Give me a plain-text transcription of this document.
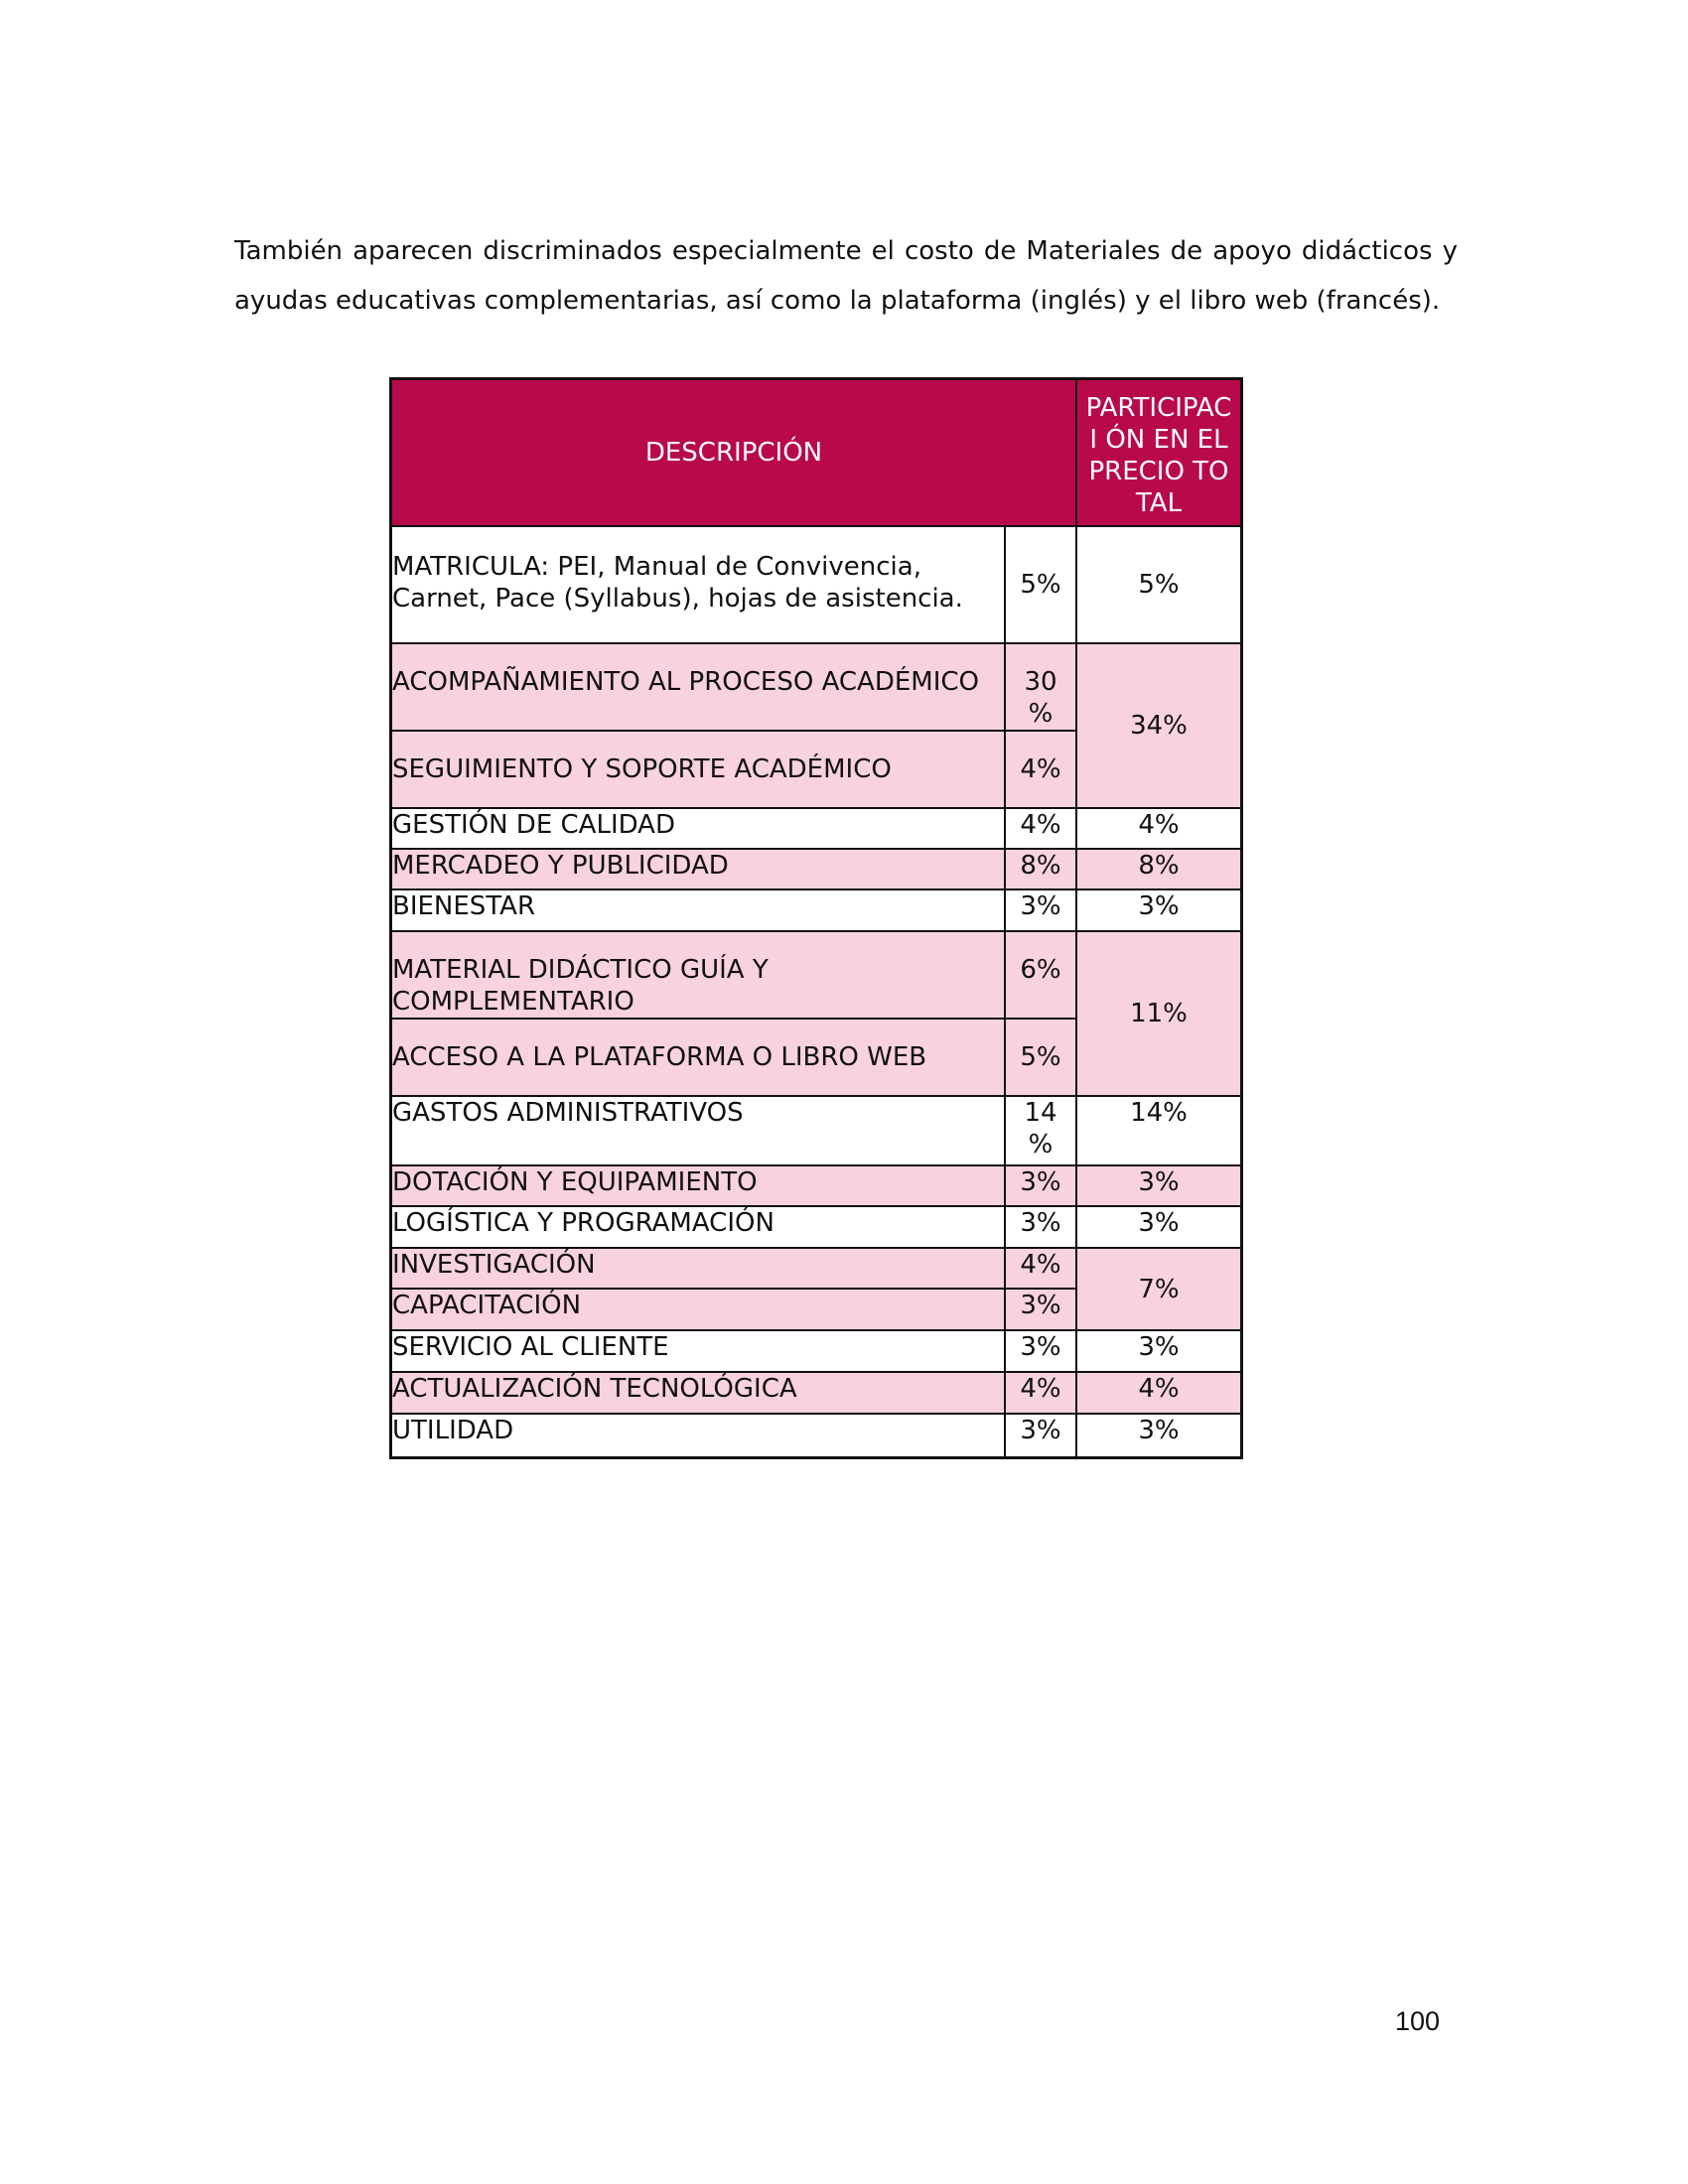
También aparecen discriminados especialmente el costo de Materiales de apoyo didácticos y
ayudas educativas complementarias, así como la plataforma (inglés) y el libro web (francés).

DESCRIPCIÓN		PARTICIPACI ÓN EN EL PRECIO TOTAL

MATRICULA: PEI, Manual de Convivencia, Carnet, Pace (Syllabus), hojas de asistencia.	5%	5%
ACOMPAÑAMIENTO AL PROCESO ACADÉMICO	30 %	34%
SEGUIMIENTO Y SOPORTE ACADÉMICO	4%	
GESTIÓN DE CALIDAD	4%	4%
MERCADEO Y PUBLICIDAD	8%	8%
BIENESTAR	3%	3%
MATERIAL DIDÁCTICO GUÍA Y COMPLEMENTARIO	6%	11%
ACCESO A LA PLATAFORMA O LIBRO WEB	5%	
GASTOS ADMINISTRATIVOS	14 %	14%
DOTACIÓN Y EQUIPAMIENTO	3%	3%
LOGÍSTICA Y PROGRAMACIÓN	3%	3%
INVESTIGACIÓN	4%	7%
CAPACITACIÓN	3%	
SERVICIO AL CLIENTE	3%	3%
ACTUALIZACIÓN TECNOLÓGICA	4%	4%
UTILIDAD	3%	3%
100
